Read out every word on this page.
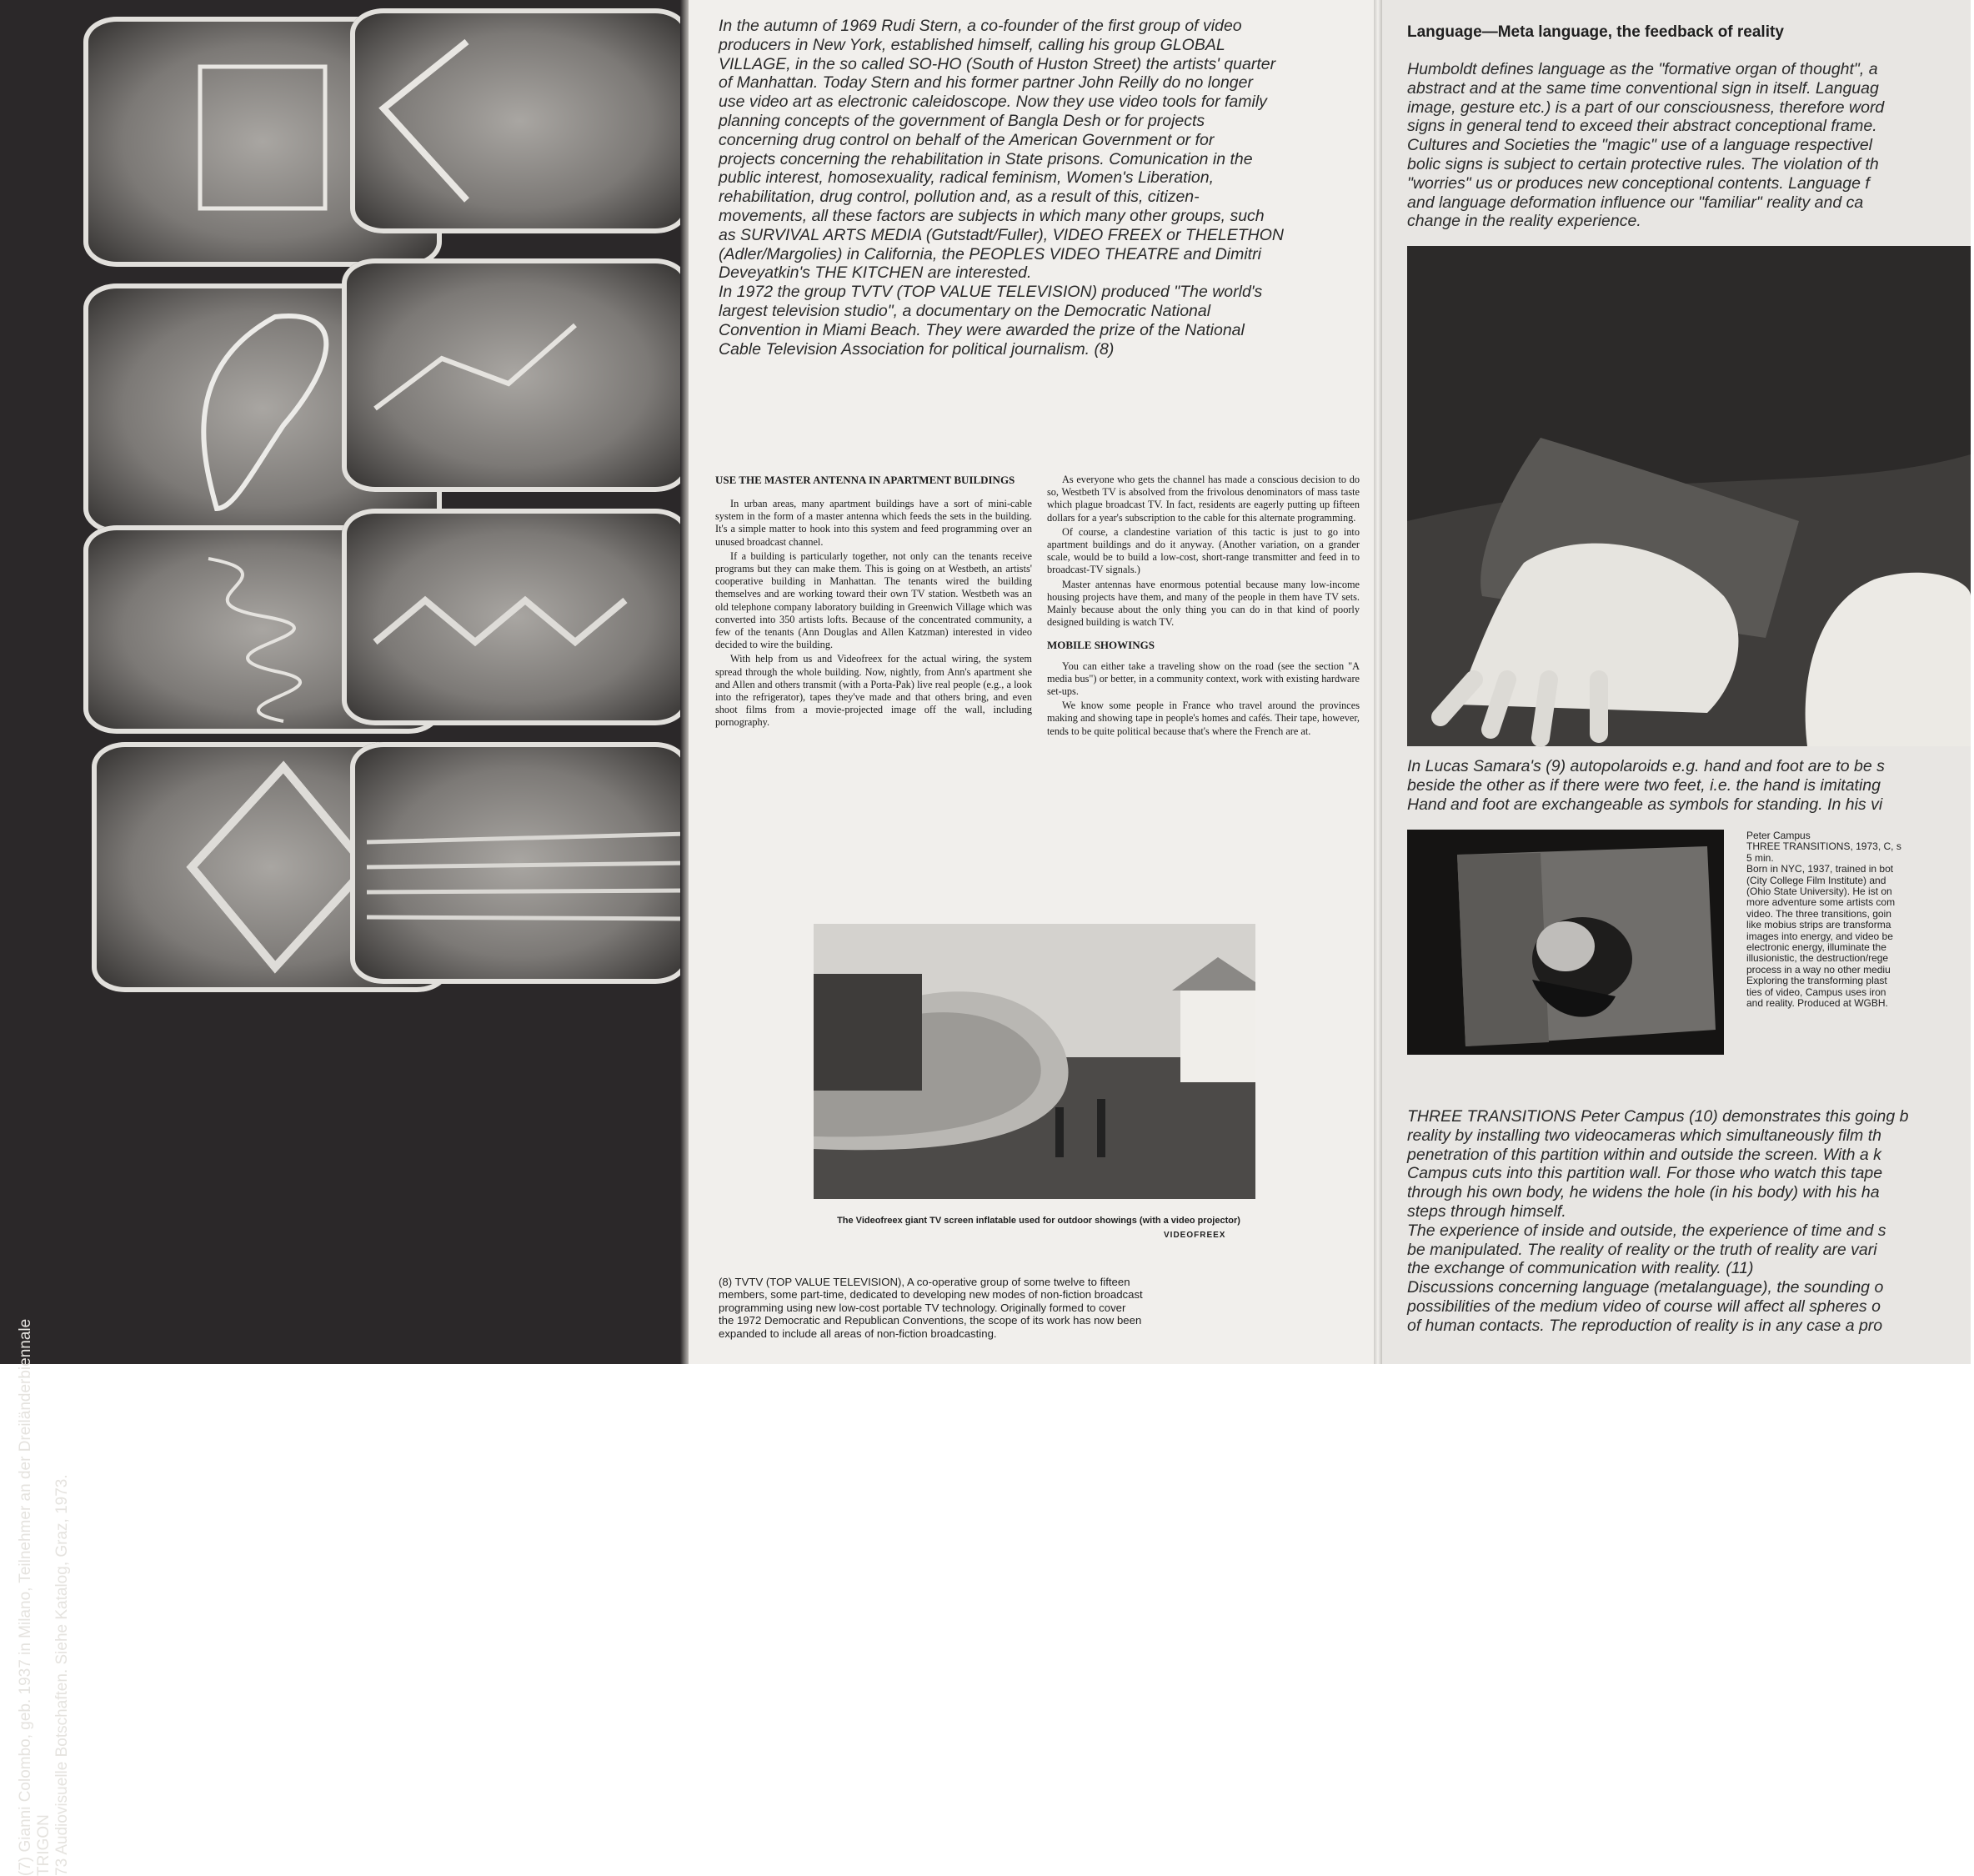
(7) Gianni Colombo, geb. 1937 in Milano, Teilnehmer an der Dreiländerbiennale TRIGON
73 Audiovisuelle Botschaften. Siehe Katalog, Graz, 1973.

In the autumn of 1969 Rudi Stern, a co-founder of the first group of video
producers in New York, established himself, calling his group GLOBAL
VILLAGE, in the so called SO-HO (South of Huston Street) the artists' quarter
of Manhattan. Today Stern and his former partner John Reilly do no longer
use video art as electronic caleidoscope. Now they use video tools for family
planning concepts of the government of Bangla Desh or for projects
concerning drug control on behalf of the American Government or for
projects concerning the rehabilitation in State prisons. Comunication in the
public interest, homosexuality, radical feminism, Women's Liberation,
rehabilitation, drug control, pollution and, as a result of this, citizen-
movements, all these factors are subjects in which many other groups, such
as SURVIVAL ARTS MEDIA (Gutstadt/Fuller), VIDEO FREEX or THELETHON
(Adler/Margolies) in California, the PEOPLES VIDEO THEATRE and Dimitri
Deveyatkin's THE KITCHEN are interested.
In 1972 the group TVTV (TOP VALUE TELEVISION) produced "The world's
largest television studio", a documentary on the Democratic National
Convention in Miami Beach. They were awarded the prize of the National
Cable Television Association for political journalism. (8)
USE THE MASTER ANTENNA IN APARTMENT BUILDINGS

In urban areas, many apartment buildings have a sort of mini-cable system in the form of a master antenna which feeds the sets in the building. It's a simple matter to hook into this system and feed programming over an unused broadcast channel.

If a building is particularly together, not only can the tenants receive programs but they can make them. This is going on at Westbeth, an artists' cooperative building in Manhattan. The tenants wired the building themselves and are working toward their own TV station. Westbeth was an old telephone company laboratory building in Greenwich Village which was converted into 350 artists lofts. Because of the concentrated community, a few of the tenants (Ann Douglas and Allen Katzman) interested in video decided to wire the building.

With help from us and Videofreex for the actual wiring, the system spread through the whole building. Now, nightly, from Ann's apartment she and Allen and others transmit (with a Porta-Pak) live real people (e.g., a look into the refrigerator), tapes they've made and that others bring, and even shoot films from a movie-projected image off the wall, including pornography.

As everyone who gets the channel has made a conscious decision to do so, Westbeth TV is absolved from the frivolous denominators of mass taste which plague broadcast TV. In fact, residents are eagerly putting up fifteen dollars for a year's subscription to the cable for this alternate programming.

Of course, a clandestine variation of this tactic is just to go into apartment buildings and do it anyway. (Another variation, on a grander scale, would be to build a low-cost, short-range transmitter and feed in to broadcast-TV signals.)

Master antennas have enormous potential because many low-income housing projects have them, and many of the people in them have TV sets. Mainly because about the only thing you can do in that kind of poorly designed building is watch TV.

MOBILE SHOWINGS

You can either take a traveling show on the road (see the section "A media bus") or better, in a community context, work with existing hardware set-ups.

We know some people in France who travel around the provinces making and showing tape in people's homes and cafés. Their tape, however, tends to be quite political because that's where the French are at.

The Videofreex giant TV screen inflatable used for outdoor showings (with a video projector)
VIDEOFREEX
(8) TVTV (TOP VALUE TELEVISION), A co-operative group of some twelve to fifteen
members, some part-time, dedicated to developing new modes of non-fiction broadcast
programming using new low-cost portable TV technology. Originally formed to cover
the 1972 Democratic and Republican Conventions, the scope of its work has now been
expanded to include all areas of non-fiction broadcasting.
Language—Meta language, the feedback of reality
Humboldt defines language as the "formative organ of thought", a
abstract and at the same time conventional sign in itself. Languag
image, gesture etc.) is a part of our consciousness, therefore word
signs in general tend to exceed their abstract conceptional frame.
Cultures and Societies the "magic" use of a language respectivel
bolic signs is subject to certain protective rules. The violation of th
"worries" us or produces new conceptional contents. Language f
and language deformation influence our "familiar" reality and ca
change in the reality experience.
In Lucas Samara's (9) autopolaroids e.g. hand and foot are to be s
beside the other as if there were two feet, i.e. the hand is imitating
Hand and foot are exchangeable as symbols for standing. In his vi
Peter Campus
THREE TRANSITIONS, 1973, C, s
5 min.
Born in NYC, 1937, trained in bot
(City College Film Institute) and
(Ohio State University). He ist on
more adventure some artists com
video. The three transitions, goin
like mobius strips are transforma
images into energy, and video be
electronic energy, illuminate the
illusionistic, the destruction/rege
process in a way no other mediu
Exploring the transforming plast
ties of video, Campus uses iron
and reality. Produced at WGBH.
THREE TRANSITIONS Peter Campus (10) demonstrates this going b
reality by installing two videocameras which simultaneously film th
penetration of this partition within and outside the screen. With a k
Campus cuts into this partition wall. For those who watch this tape
through his own body, he widens the hole (in his body) with his ha
steps through himself.
The experience of inside and outside, the experience of time and s
be manipulated. The reality of reality or the truth of reality are vari
the exchange of communication with reality. (11)
Discussions concerning language (metalanguage), the sounding o
possibilities of the medium video of course will affect all spheres o
of human contacts. The reproduction of reality is in any case a pro
